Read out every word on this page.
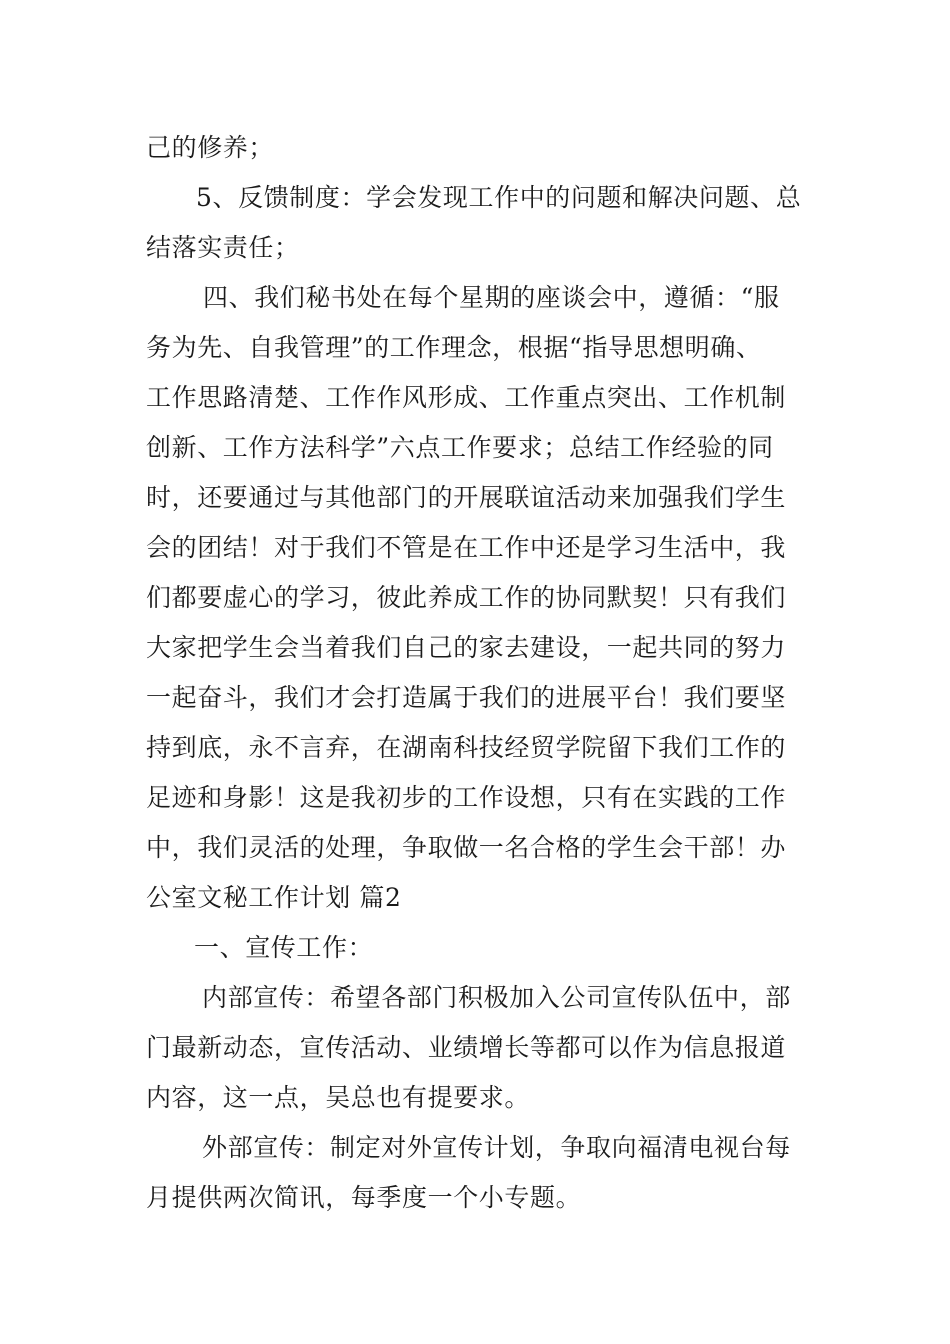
己的修养；
5、反馈制度：学会发现工作中的问题和解决问题、总
结落实责任；
四、我们秘书处在每个星期的座谈会中，遵循：“服
务为先、自我管理”的工作理念，根据“指导思想明确、
工作思路清楚、工作作风形成、工作重点突出、工作机制
创新、工作方法科学”六点工作要求；总结工作经验的同
时，还要通过与其他部门的开展联谊活动来加强我们学生
会的团结！对于我们不管是在工作中还是学习生活中，我
们都要虚心的学习，彼此养成工作的协同默契！只有我们
大家把学生会当着我们自己的家去建设，一起共同的努力
一起奋斗，我们才会打造属于我们的进展平台！我们要坚
持到底，永不言弃，在湖南科技经贸学院留下我们工作的
足迹和身影！这是我初步的工作设想，只有在实践的工作
中，我们灵活的处理，争取做一名合格的学生会干部！办
公室文秘工作计划 篇2
一、宣传工作：
内部宣传：希望各部门积极加入公司宣传队伍中，部
门最新动态，宣传活动、业绩增长等都可以作为信息报道
内容，这一点，吴总也有提要求。
外部宣传：制定对外宣传计划，争取向福清电视台每
月提供两次简讯，每季度一个小专题。
